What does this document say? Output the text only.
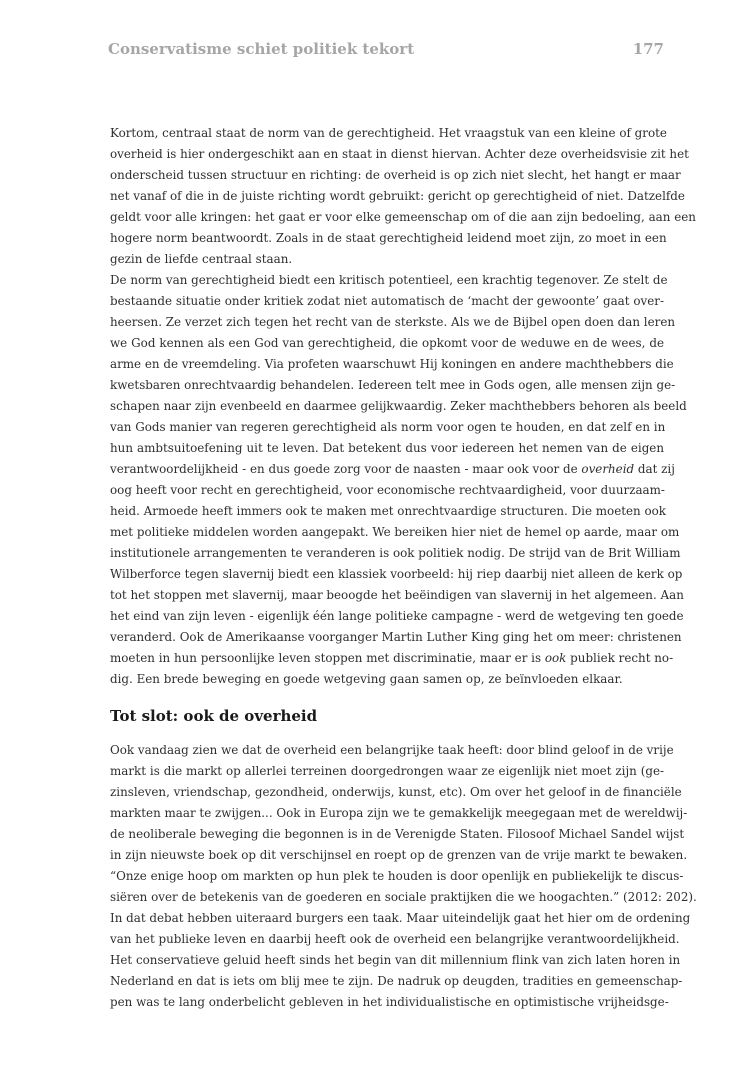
Conservatisme schiet politiek tekort	177
Kortom, centraal staat de norm van de gerechtigheid. Het vraagstuk van een kleine of grote
overheid is hier ondergeschikt aan en staat in dienst hiervan. Achter deze overheidsvisie zit het
onderscheid tussen structuur en richting: de overheid is op zich niet slecht, het hangt er maar
net vanaf of die in de juiste richting wordt gebruikt: gericht op gerechtigheid of niet. Datzelfde
geldt voor alle kringen: het gaat er voor elke gemeenschap om of die aan zijn bedoeling, aan een
hogere norm beantwoordt. Zoals in de staat gerechtigheid leidend moet zijn, zo moet in een
gezin de liefde centraal staan.
De norm van gerechtigheid biedt een kritisch potentieel, een krachtig tegenover. Ze stelt de
bestaande situatie onder kritiek zodat niet automatisch de ‘macht der gewoonte’ gaat over-
heersen. Ze verzet zich tegen het recht van de sterkste. Als we de Bijbel open doen dan leren
we God kennen als een God van gerechtigheid, die opkomt voor de weduwe en de wees, de
arme en de vreemdeling. Via profeten waarschuwt Hij koningen en andere machthebbers die
kwetsbaren onrechtvaardig behandelen. Iedereen telt mee in Gods ogen, alle mensen zijn ge-
schapen naar zijn evenbeeld en daarmee gelijkwaardig. Zeker machthebbers behoren als beeld
van Gods manier van regeren gerechtigheid als norm voor ogen te houden, en dat zelf en in
hun ambtsuitoefening uit te leven. Dat betekent dus voor iedereen het nemen van de eigen
verantwoordelijkheid - en dus goede zorg voor de naasten - maar ook voor de overheid dat zij
oog heeft voor recht en gerechtigheid, voor economische rechtvaardigheid, voor duurzaam-
heid. Armoede heeft immers ook te maken met onrechtvaardige structuren. Die moeten ook
met politieke middelen worden aangepakt. We bereiken hier niet de hemel op aarde, maar om
institutionele arrangementen te veranderen is ook politiek nodig. De strijd van de Brit William
Wilberforce tegen slavernij biedt een klassiek voorbeeld: hij riep daarbij niet alleen de kerk op
tot het stoppen met slavernij, maar beoogde het beëindigen van slavernij in het algemeen. Aan
het eind van zijn leven - eigenlijk één lange politieke campagne - werd de wetgeving ten goede
veranderd. Ook de Amerikaanse voorganger Martin Luther King ging het om meer: christenen
moeten in hun persoonlijke leven stoppen met discriminatie, maar er is ook publiek recht no-
dig. Een brede beweging en goede wetgeving gaan samen op, ze beïnvloeden elkaar.
Tot slot: ook de overheid
Ook vandaag zien we dat de overheid een belangrijke taak heeft: door blind geloof in de vrije
markt is die markt op allerlei terreinen doorgedrongen waar ze eigenlijk niet moet zijn (ge-
zinsleven, vriendschap, gezondheid, onderwijs, kunst, etc). Om over het geloof in de financiële
markten maar te zwijgen... Ook in Europa zijn we te gemakkelijk meegegaan met de wereldwij-
de neoliberale beweging die begonnen is in de Verenigde Staten. Filosoof Michael Sandel wijst
in zijn nieuwste boek op dit verschijnsel en roept op de grenzen van de vrije markt te bewaken.
“Onze enige hoop om markten op hun plek te houden is door openlijk en publiekelijk te discus-
siëren over de betekenis van de goederen en sociale praktijken die we hoogachten.” (2012: 202).
In dat debat hebben uiteraard burgers een taak. Maar uiteindelijk gaat het hier om de ordening
van het publieke leven en daarbij heeft ook de overheid een belangrijke verantwoordelijkheid.
Het conservatieve geluid heeft sinds het begin van dit millennium flink van zich laten horen in
Nederland en dat is iets om blij mee te zijn. De nadruk op deugden, tradities en gemeenschap-
pen was te lang onderbelicht gebleven in het individualistische en optimistische vrijheidsge-
